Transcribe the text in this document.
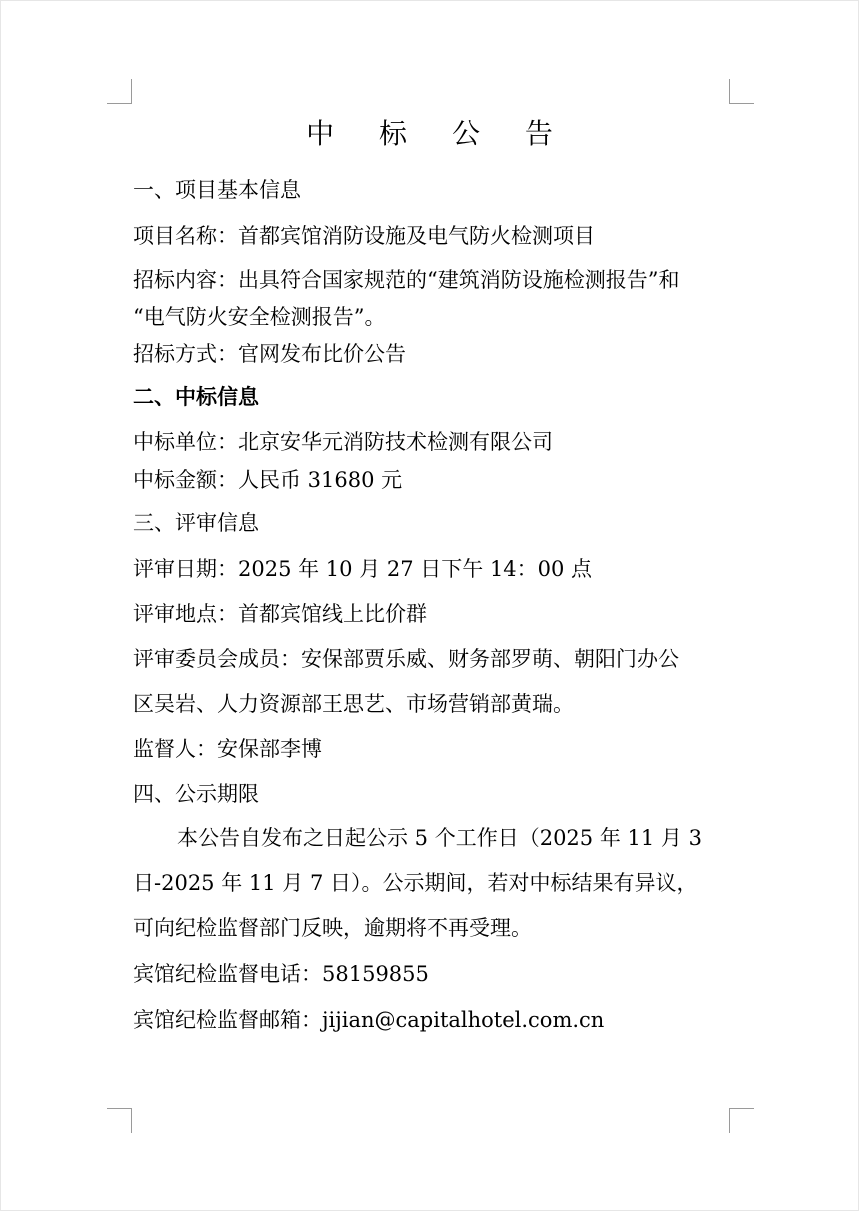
中 标 公 告
一、项目基本信息
项目名称：首都宾馆消防设施及电气防火检测项目
招标内容：出具符合国家规范的“建筑消防设施检测报告”和
“电气防火安全检测报告”。
招标方式：官网发布比价公告
二、中标信息
中标单位：北京安华元消防技术检测有限公司
中标金额：人民币 31680 元
三、评审信息
评审日期：2025 年 10 月 27 日下午 14：00 点
评审地点：首都宾馆线上比价群
评审委员会成员：安保部贾乐威、财务部罗萌、朝阳门办公
区吴岩、人力资源部王思艺、市场营销部黄瑞。
监督人：安保部李博
四、公示期限
本公告自发布之日起公示 5 个工作日（2025 年 11 月 3
日-2025 年 11 月 7 日）。公示期间，若对中标结果有异议，
可向纪检监督部门反映，逾期将不再受理。
宾馆纪检监督电话：58159855
宾馆纪检监督邮箱：jijian@capitalhotel.com.cn
